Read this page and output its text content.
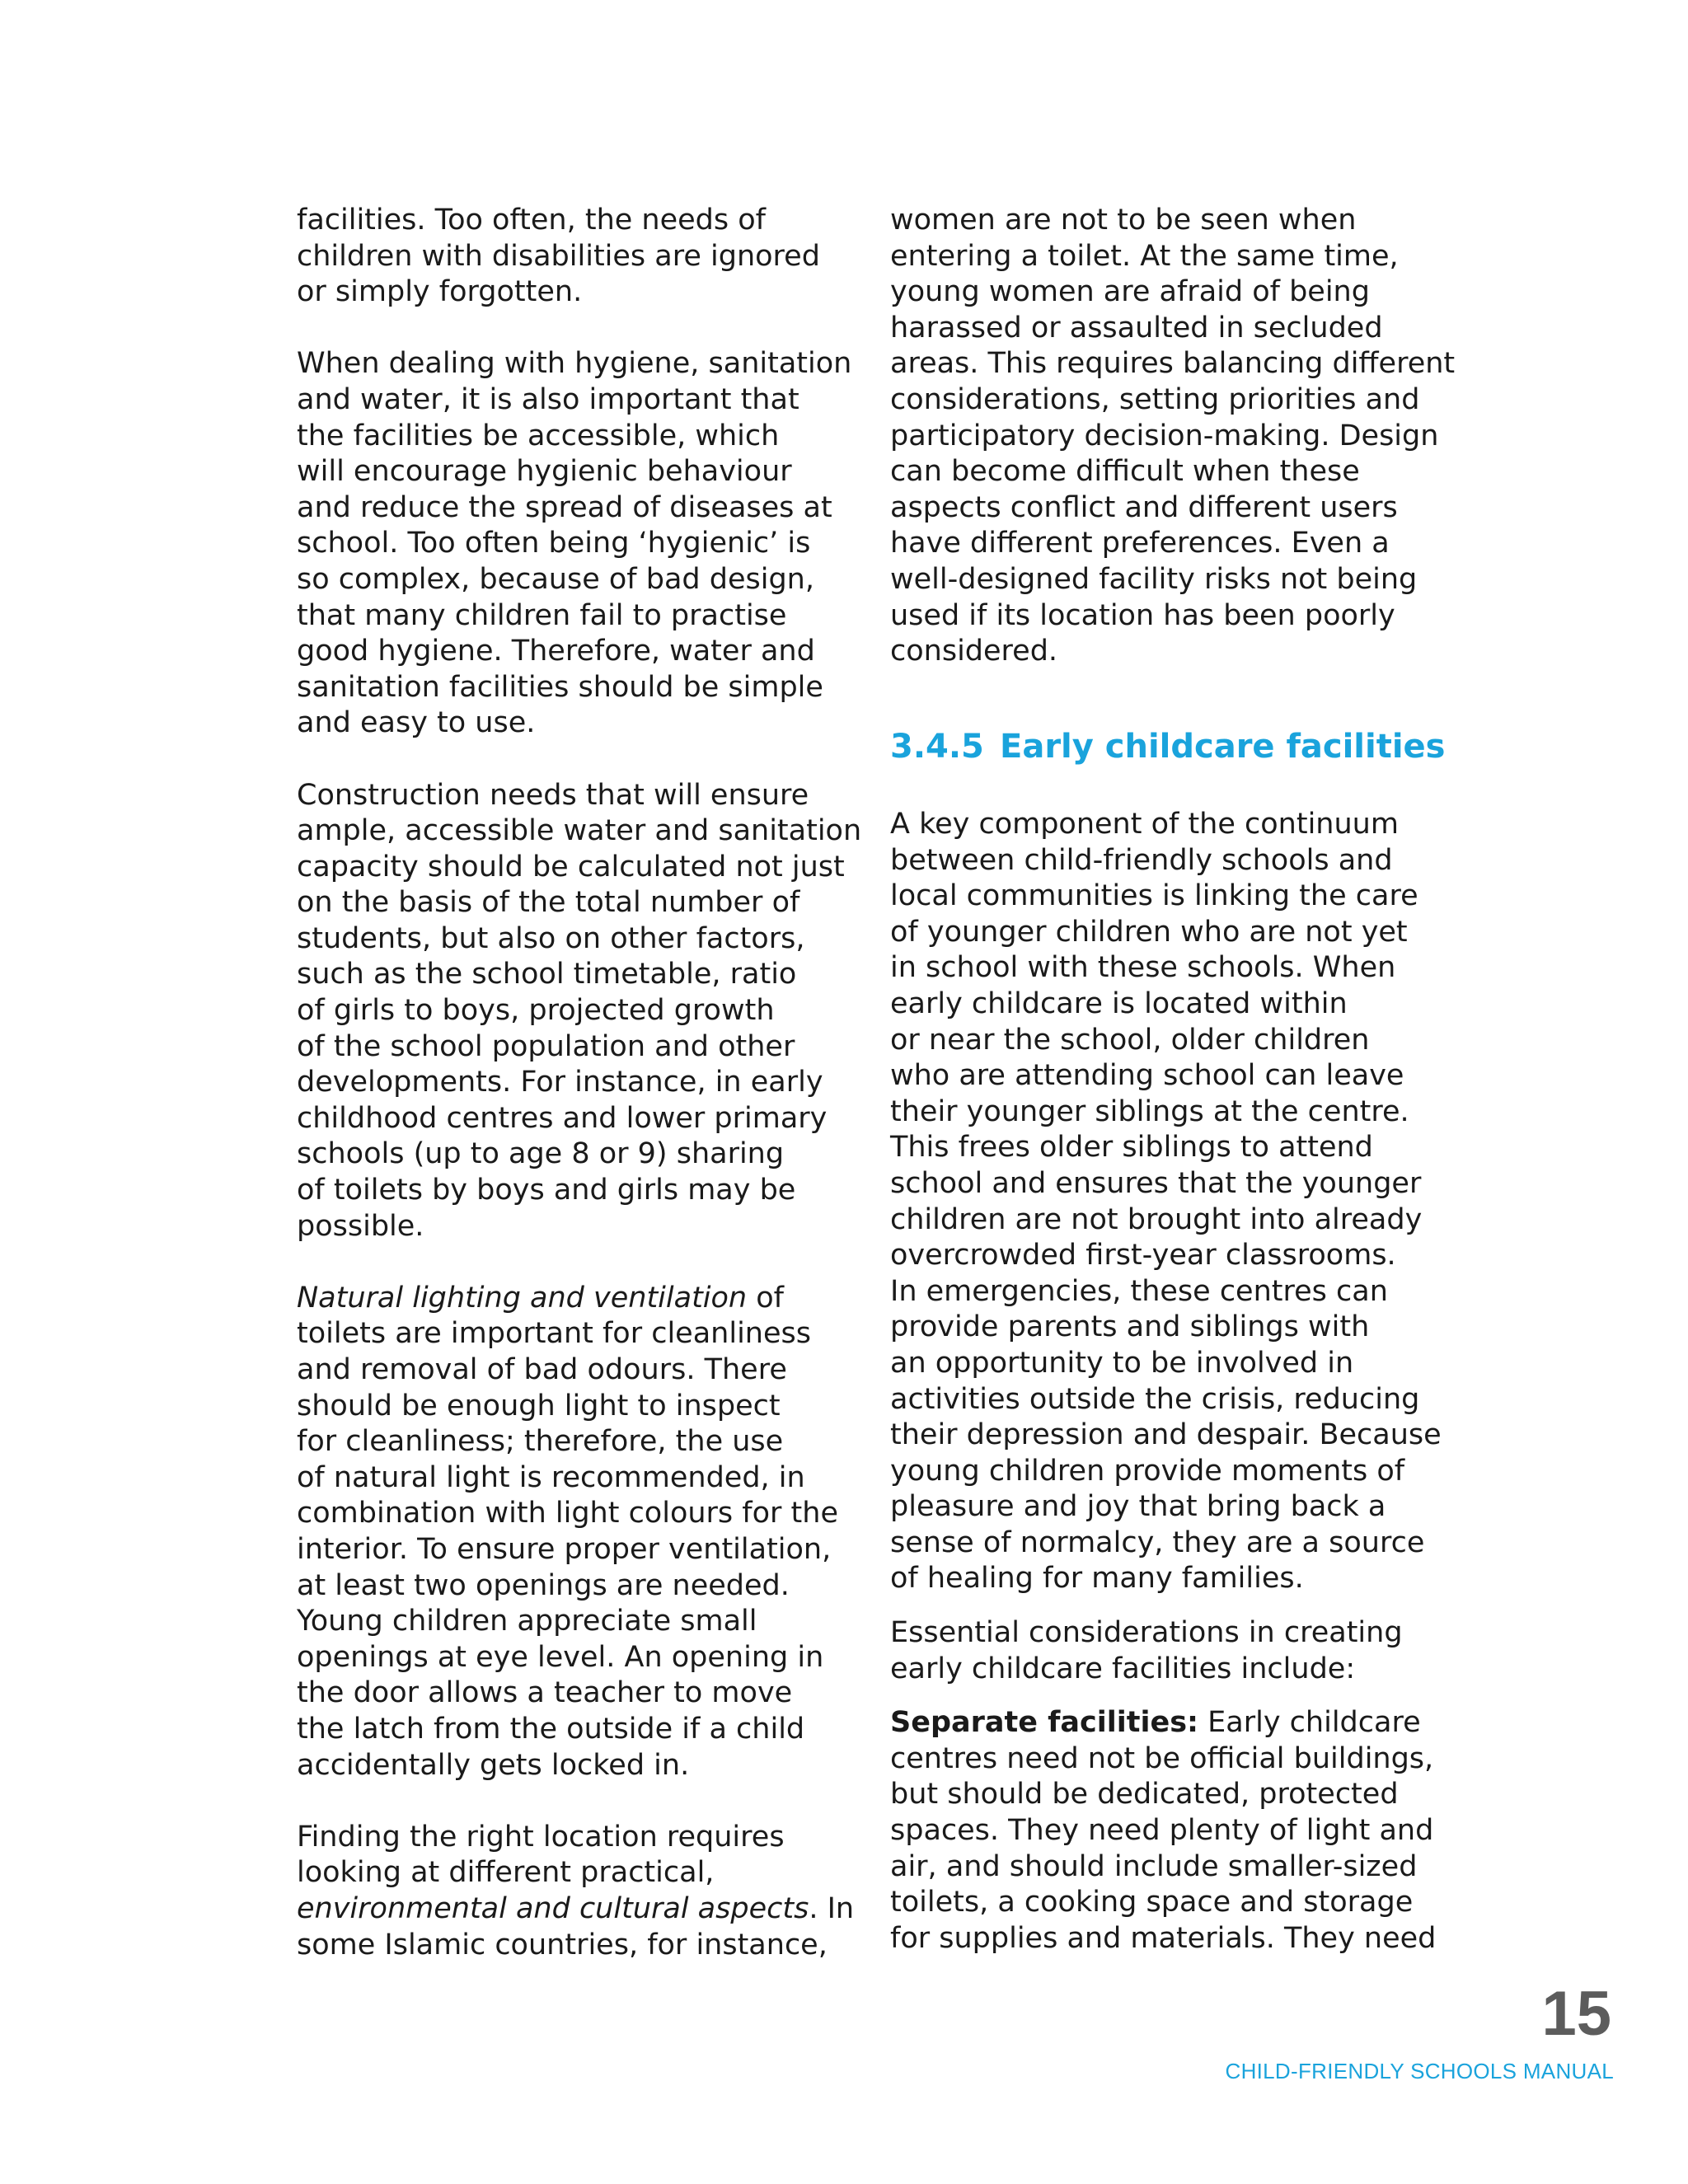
facilities. Too often, the needs of
children with disabilities are ignored
or simply forgotten.
When dealing with hygiene, sanitation
and water, it is also important that
the facilities be accessible, which
will encourage hygienic behaviour
and reduce the spread of diseases at
school. Too often being ‘hygienic’ is
so complex, because of bad design,
that many children fail to practise
good hygiene. Therefore, water and
sanitation facilities should be simple
and easy to use.
Construction needs that will ensure
ample, accessible water and sanitation
capacity should be calculated not just
on the basis of the total number of
students, but also on other factors,
such as the school timetable, ratio
of girls to boys, projected growth
of the school population and other
developments. For instance, in early
childhood centres and lower primary
schools (up to age 8 or 9) sharing
of toilets by boys and girls may be
possible.
Natural lighting and ventilation of
toilets are important for cleanliness
and removal of bad odours. There
should be enough light to inspect
for cleanliness; therefore, the use
of natural light is recommended, in
combination with light colours for the
interior. To ensure proper ventilation,
at least two openings are needed.
Young children appreciate small
openings at eye level. An opening in
the door allows a teacher to move
the latch from the outside if a child
accidentally gets locked in.
Finding the right location requires
looking at different practical,
environmental and cultural aspects. In
some Islamic countries, for instance,
women are not to be seen when
entering a toilet. At the same time,
young women are afraid of being
harassed or assaulted in secluded
areas. This requires balancing different
considerations, setting priorities and
participatory decision-making. Design
can become difficult when these
aspects conflict and different users
have different preferences. Even a
well-designed facility risks not being
used if its location has been poorly
considered.
3.4.5 Early childcare facilities
A key component of the continuum
between child-friendly schools and
local communities is linking the care
of younger children who are not yet
in school with these schools. When
early childcare is located within
or near the school, older children
who are attending school can leave
their younger siblings at the centre.
This frees older siblings to attend
school and ensures that the younger
children are not brought into already
overcrowded first-year classrooms.
In emergencies, these centres can
provide parents and siblings with
an opportunity to be involved in
activities outside the crisis, reducing
their depression and despair. Because
young children provide moments of
pleasure and joy that bring back a
sense of normalcy, they are a source
of healing for many families.
Essential considerations in creating
early childcare facilities include:
Separate facilities: Early childcare
centres need not be official buildings,
but should be dedicated, protected
spaces. They need plenty of light and
air, and should include smaller-sized
toilets, a cooking space and storage
for supplies and materials. They need
15
CHILD-FRIENDLY SCHOOLS MANUAL
